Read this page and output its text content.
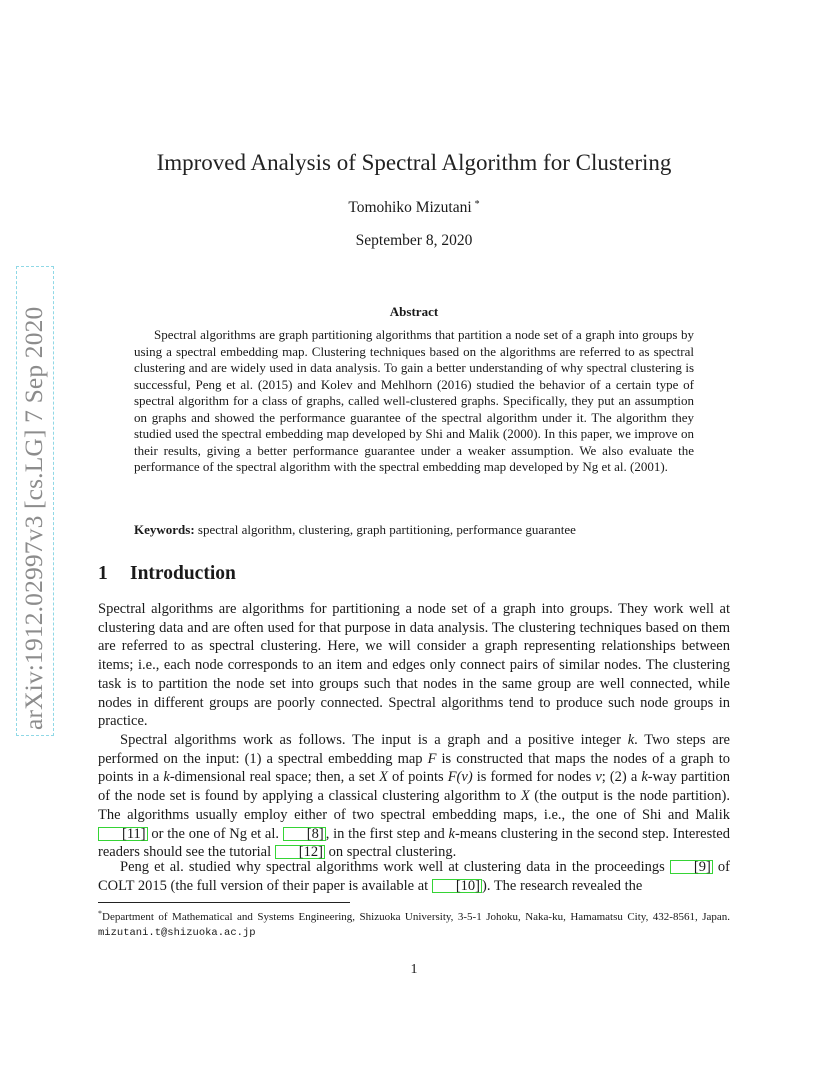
arXiv:1912.02997v3 [cs.LG] 7 Sep 2020
Improved Analysis of Spectral Algorithm for Clustering
Tomohiko Mizutani *
September 8, 2020
Abstract

Spectral algorithms are graph partitioning algorithms that partition a node set of a graph into groups by using a spectral embedding map. Clustering techniques based on the algorithms are referred to as spectral clustering and are widely used in data analysis. To gain a better understanding of why spectral clustering is successful, Peng et al. (2015) and Kolev and Mehlhorn (2016) studied the behavior of a certain type of spectral algorithm for a class of graphs, called well-clustered graphs. Specifically, they put an assumption on graphs and showed the performance guarantee of the spectral algorithm under it. The algorithm they studied used the spectral embedding map developed by Shi and Malik (2000). In this paper, we improve on their results, giving a better performance guarantee under a weaker assumption. We also evaluate the performance of the spectral algorithm with the spectral embedding map developed by Ng et al. (2001).

Keywords: spectral algorithm, clustering, graph partitioning, performance guarantee
1 Introduction

Spectral algorithms are algorithms for partitioning a node set of a graph into groups. They work well at clustering data and are often used for that purpose in data analysis. The clustering techniques based on them are referred to as spectral clustering. Here, we will consider a graph representing relationships between items; i.e., each node corresponds to an item and edges only connect pairs of similar nodes. The clustering task is to partition the node set into groups such that nodes in the same group are well connected, while nodes in different groups are poorly connected. Spectral algorithms tend to produce such node groups in practice.

Spectral algorithms work as follows. The input is a graph and a positive integer k. Two steps are performed on the input: (1) a spectral embedding map F is constructed that maps the nodes of a graph to points in a k-dimensional real space; then, a set X of points F(v) is formed for nodes v; (2) a k-way partition of the node set is found by applying a classical clustering algorithm to X (the output is the node partition). The algorithms usually employ either of two spectral embedding maps, i.e., the one of Shi and Malik [11] or the one of Ng et al. [8] , in the first step and k-means clustering in the second step. Interested readers should see the tutorial [12] on spectral clustering.

Peng et al. studied why spectral algorithms work well at clustering data in the proceedings [9] of COLT 2015 (the full version of their paper is available at [10] ). The research revealed the

*Department of Mathematical and Systems Engineering, Shizuoka University, 3-5-1 Johoku, Naka-ku, Hamamatsu City, 432-8561, Japan. mizutani.t@shizuoka.ac.jp

1
